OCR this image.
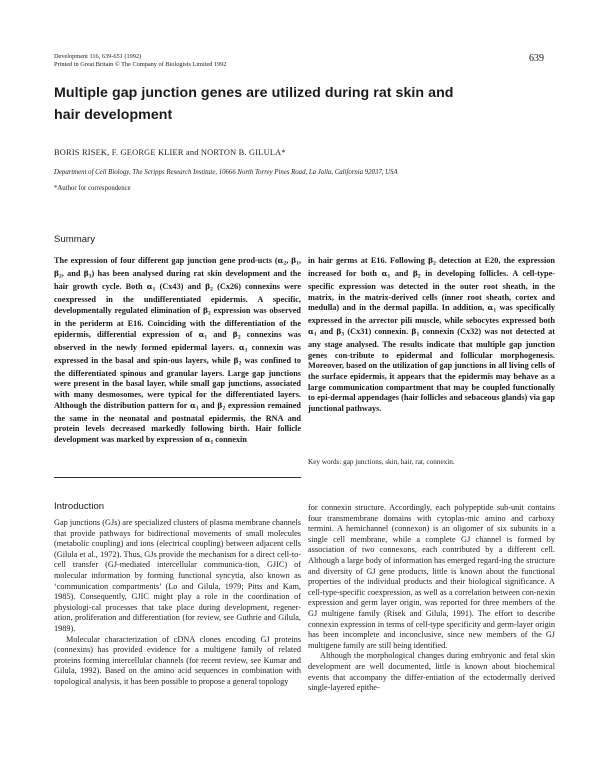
Development 116, 639-651 (1992)
Printed in Great Britain © The Company of Biologists Limited 1992
639
Multiple gap junction genes are utilized during rat skin and hair development
BORIS RISEK, F. GEORGE KLIER and NORTON B. GILULA*
Department of Cell Biology, The Scripps Research Institute, 10666 North Torrey Pines Road, La Jolla, California 92037, USA
*Author for correspondence
Summary

The expression of four different gap junction gene prod-ucts ($\alpha_2$, $\beta_1$, $\beta_2$, and $\beta_3$) has been analysed during rat skin development and the hair growth cycle. Both $\alpha_1$ (Cx43) and $\beta_2$ (Cx26) connexins were coexpressed in the undifferentiated epidermis. A specific, developmentally regulated elimination of $\beta_2$ expression was observed in the periderm at E16. Coinciding with the differentiation of the epidermis, differential expression of $\alpha_1$ and $\beta_2$ connexins was observed in the newly formed epidermal layers. $\alpha_1$ connexin was expressed in the basal and spin-ous layers, while $\beta_2$ was confined to the differentiated spinous and granular layers. Large gap junctions were present in the basal layer, while small gap junctions, associated with many desmosomes, were typical for the differentiated layers. Although the distribution pattern for $\alpha_1$ and $\beta_2$ expression remained the same in the neonatal and postnatal epidermis, the RNA and protein levels decreased markedly following birth. Hair follicle development was marked by expression of $\alpha_1$ connexin

in hair germs at E16. Following $\beta_2$ detection at E20, the expression increased for both $\alpha_1$ and $\beta_2$ in developing follicles. A cell-type-specific expression was detected in the outer root sheath, in the matrix, in the matrix-derived cells (inner root sheath, cortex and medulla) and in the dermal papilla. In addition, $\alpha_1$ was specifically expressed in the arrector pili muscle, while sebocytes expressed both $\alpha_1$ and $\beta_3$ (Cx31) connexin. $\beta_1$ connexin (Cx32) was not detected at any stage analysed. The results indicate that multiple gap junction genes con-tribute to epidermal and follicular morphogenesis. Moreover, based on the utilization of gap junctions in all living cells of the surface epidermis, it appears that the epidermis may behave as a large communication compartment that may be coupled functionally to epi-dermal appendages (hair follicles and sebaceous glands) via gap junctional pathways.

Key words: gap junctions, skin, hair, rat, connexin.
Introduction

Gap junctions (GJs) are specialized clusters of plasma membrane channels that provide pathways for bidirectional movements of small molecules (metabolic coupling) and ions (electrical coupling) between adjacent cells (Gilula et al., 1972). Thus, GJs provide the mechanism for a direct cell-to-cell transfer (GJ-mediated intercellular communica-tion, GJIC) of molecular information by forming functional syncytia, also known as ‘communication compartments’ (Lo and Gilula, 1979; Pitts and Kam, 1985). Consequently, GJIC might play a role in the coordination of physiologi-cal processes that take place during development, regener-ation, proliferation and differentiation (for review, see Guthrie and Gilula, 1989).

Molecular characterization of cDNA clones encoding GJ proteins (connexins) has provided evidence for a multigene family of related proteins forming intercellular channels (for recent review, see Kumar and Gilula, 1992). Based on the amino acid sequences in combination with topological analysis, it has been possible to propose a general topology

for connexin structure. Accordingly, each polypeptide sub-unit contains four transmembrane domains with cytoplas-mic amino and carboxy termini. A hemichannel (connexon) is an oligomer of six subunits in a single cell membrane, while a complete GJ channel is formed by association of two connexons, each contributed by a different cell. Although a large body of information has emerged regard-ing the structure and diversity of GJ gene products, little is known about the functional properties of the individual products and their biological significance. A cell-type-specific coexpression, as well as a correlation between con-nexin expression and germ layer origin, was reported for three members of the GJ multigene family (Risek and Gilula, 1991). The effort to describe connexin expression in terms of cell-type specificity and germ-layer origin has been incomplete and inconclusive, since new members of the GJ multigene family are still being identified.

Although the morphological changes during embryonic and fetal skin development are well documented, little is known about biochemical events that accompany the differ-entiation of the ectodermally derived single-layered epithe-
